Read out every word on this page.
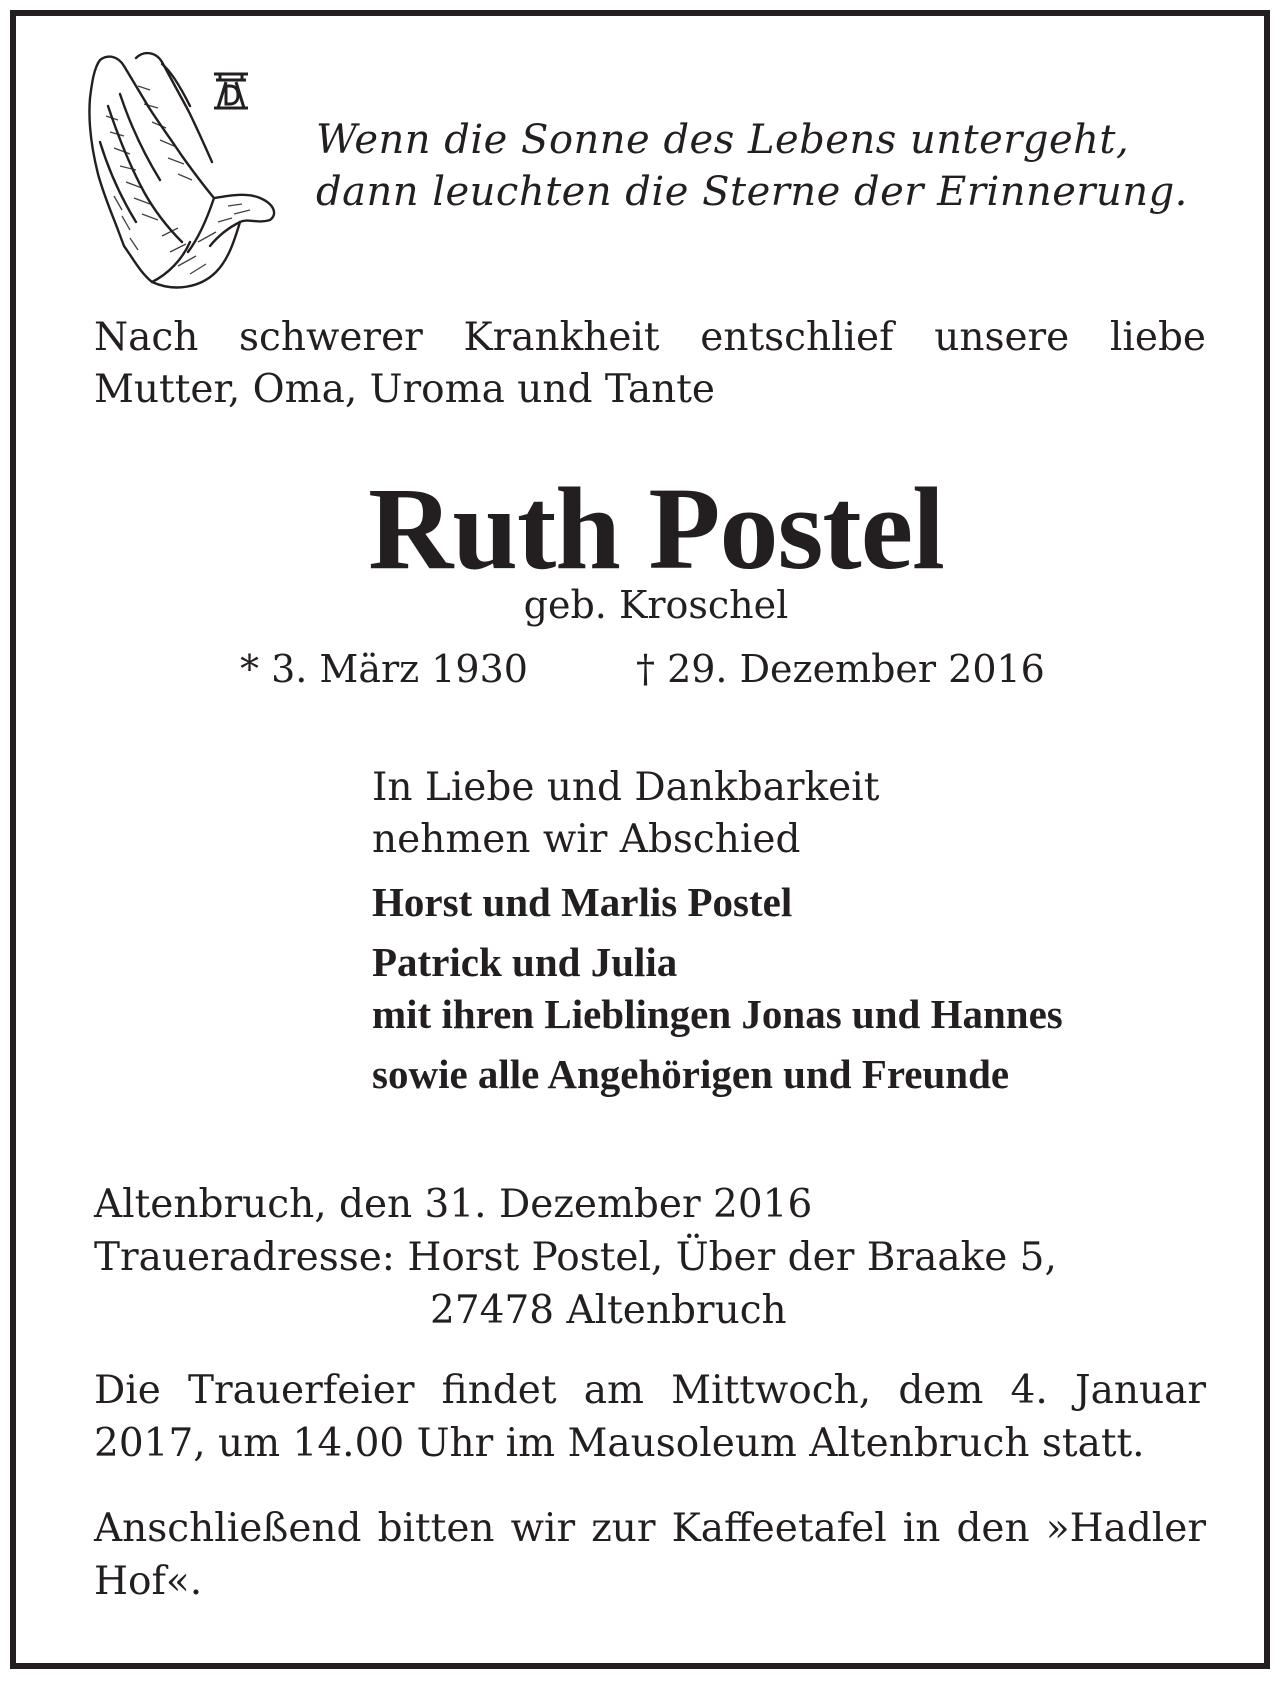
Wenn die Sonne des Lebens untergeht,
dann leuchten die Sterne der Erinnerung.
Nach schwerer Krankheit entschlief unsere liebe Mutter, Oma, Uroma und Tante
Ruth Postel
geb. Kroschel
* 3. März 1930	† 29. Dezember 2016
In Liebe und Dankbarkeit
nehmen wir Abschied
Horst und Marlis Postel
Patrick und Julia
mit ihren Lieblingen Jonas und Hannes
sowie alle Angehörigen und Freunde
Altenbruch, den 31. Dezember 2016
Traueradresse: Horst Postel, Über der Braake 5,
27478 Altenbruch
Die Trauerfeier findet am Mittwoch, dem 4. Januar 2017, um 14.00 Uhr im Mausoleum Altenbruch statt.
Anschließend bitten wir zur Kaffeetafel in den »Hadler Hof«.
